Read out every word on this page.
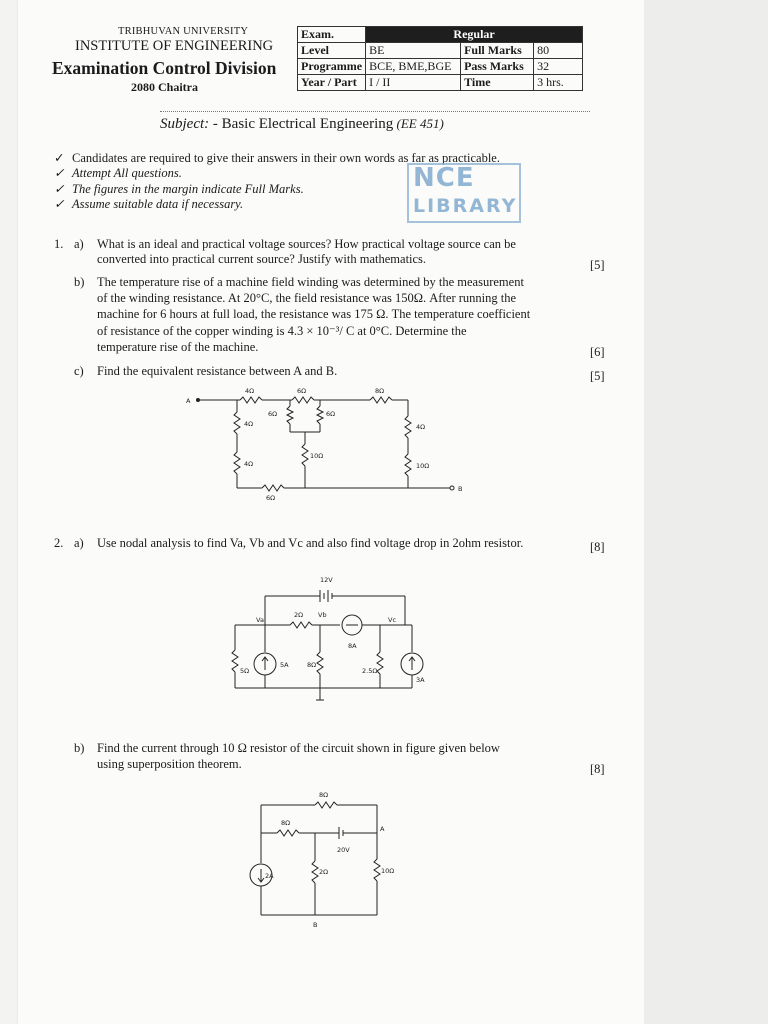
TRIBHUVAN UNIVERSITY
INSTITUTE OF ENGINEERING
Examination Control Division
2080 Chaitra
Exam.	Regular		
Level	BE	Full Marks	80
Programme	BCE, BME,BGE	Pass Marks	32
Year / Part	I / II	Time	3 hrs.
Subject: - Basic Electrical Engineering (EE 451)
✓ Candidates are required to give their answers in their own words as far as practicable.
✓ Attempt All questions.
✓ The figures in the margin indicate Full Marks.
✓ Assume suitable data if necessary.
NCE
LIBRARY
1. a) What is an ideal and practical voltage sources? How practical voltage source can be
converted into practical current source? Justify with mathematics.	[5]
b) The temperature rise of a machine field winding was determined by the measurement
of the winding resistance. At 20°C, the field resistance was 150Ω. After running the
machine for 6 hours at full load, the resistance was 175 Ω. The temperature coefficient
of resistance of the copper winding is 4.3 × 10⁻³/ C at 0°C. Determine the
temperature rise of the machine.	[6]
c) Find the equivalent resistance between A and B.	[5]
A
B
4Ω	6Ω	8Ω
6Ω	6Ω
4Ω
4Ω
10Ω
4Ω
10Ω
6Ω
2. a) Use nodal analysis to find Va, Vb and Vc and also find voltage drop in 2ohm resistor.	[8]
12V
2Ω Vb
Va	Vc
8A
5Ω
5A	8Ω
2.5Ω
3A
b) Find the current through 10 Ω resistor of the circuit shown in figure given below
using superposition theorem.	[8]
8Ω
8Ω
A
20V
2A	2Ω	10Ω
B
